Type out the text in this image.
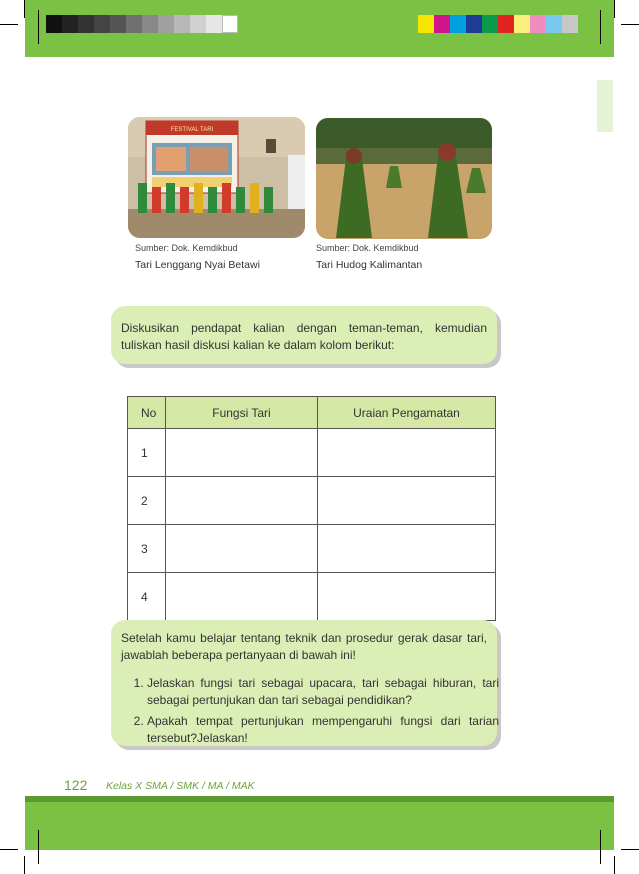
FESTIVAL TARI
Sumber: Dok. Kemdikbud
Tari Lenggang Nyai Betawi
Sumber: Dok. Kemdikbud
Tari Hudog Kalimantan
Diskusikan pendapat kalian dengan teman-teman, kemudian tuliskan hasil diskusi kalian ke dalam kolom berikut:
No	Fungsi Tari	Uraian Pengamatan
1		
2		
3		
4		
Setelah kamu belajar tentang teknik dan prosedur gerak dasar tari, jawablah beberapa pertanyaan di bawah ini!
1. Jelaskan fungsi tari sebagai upacara, tari sebagai hiburan, tari sebagai pertunjukan dan tari sebagai pendidikan?
2. Apakah tempat pertunjukan mempengaruhi fungsi dari tarian tersebut?Jelaskan!
122 Kelas X SMA / SMK / MA / MAK
